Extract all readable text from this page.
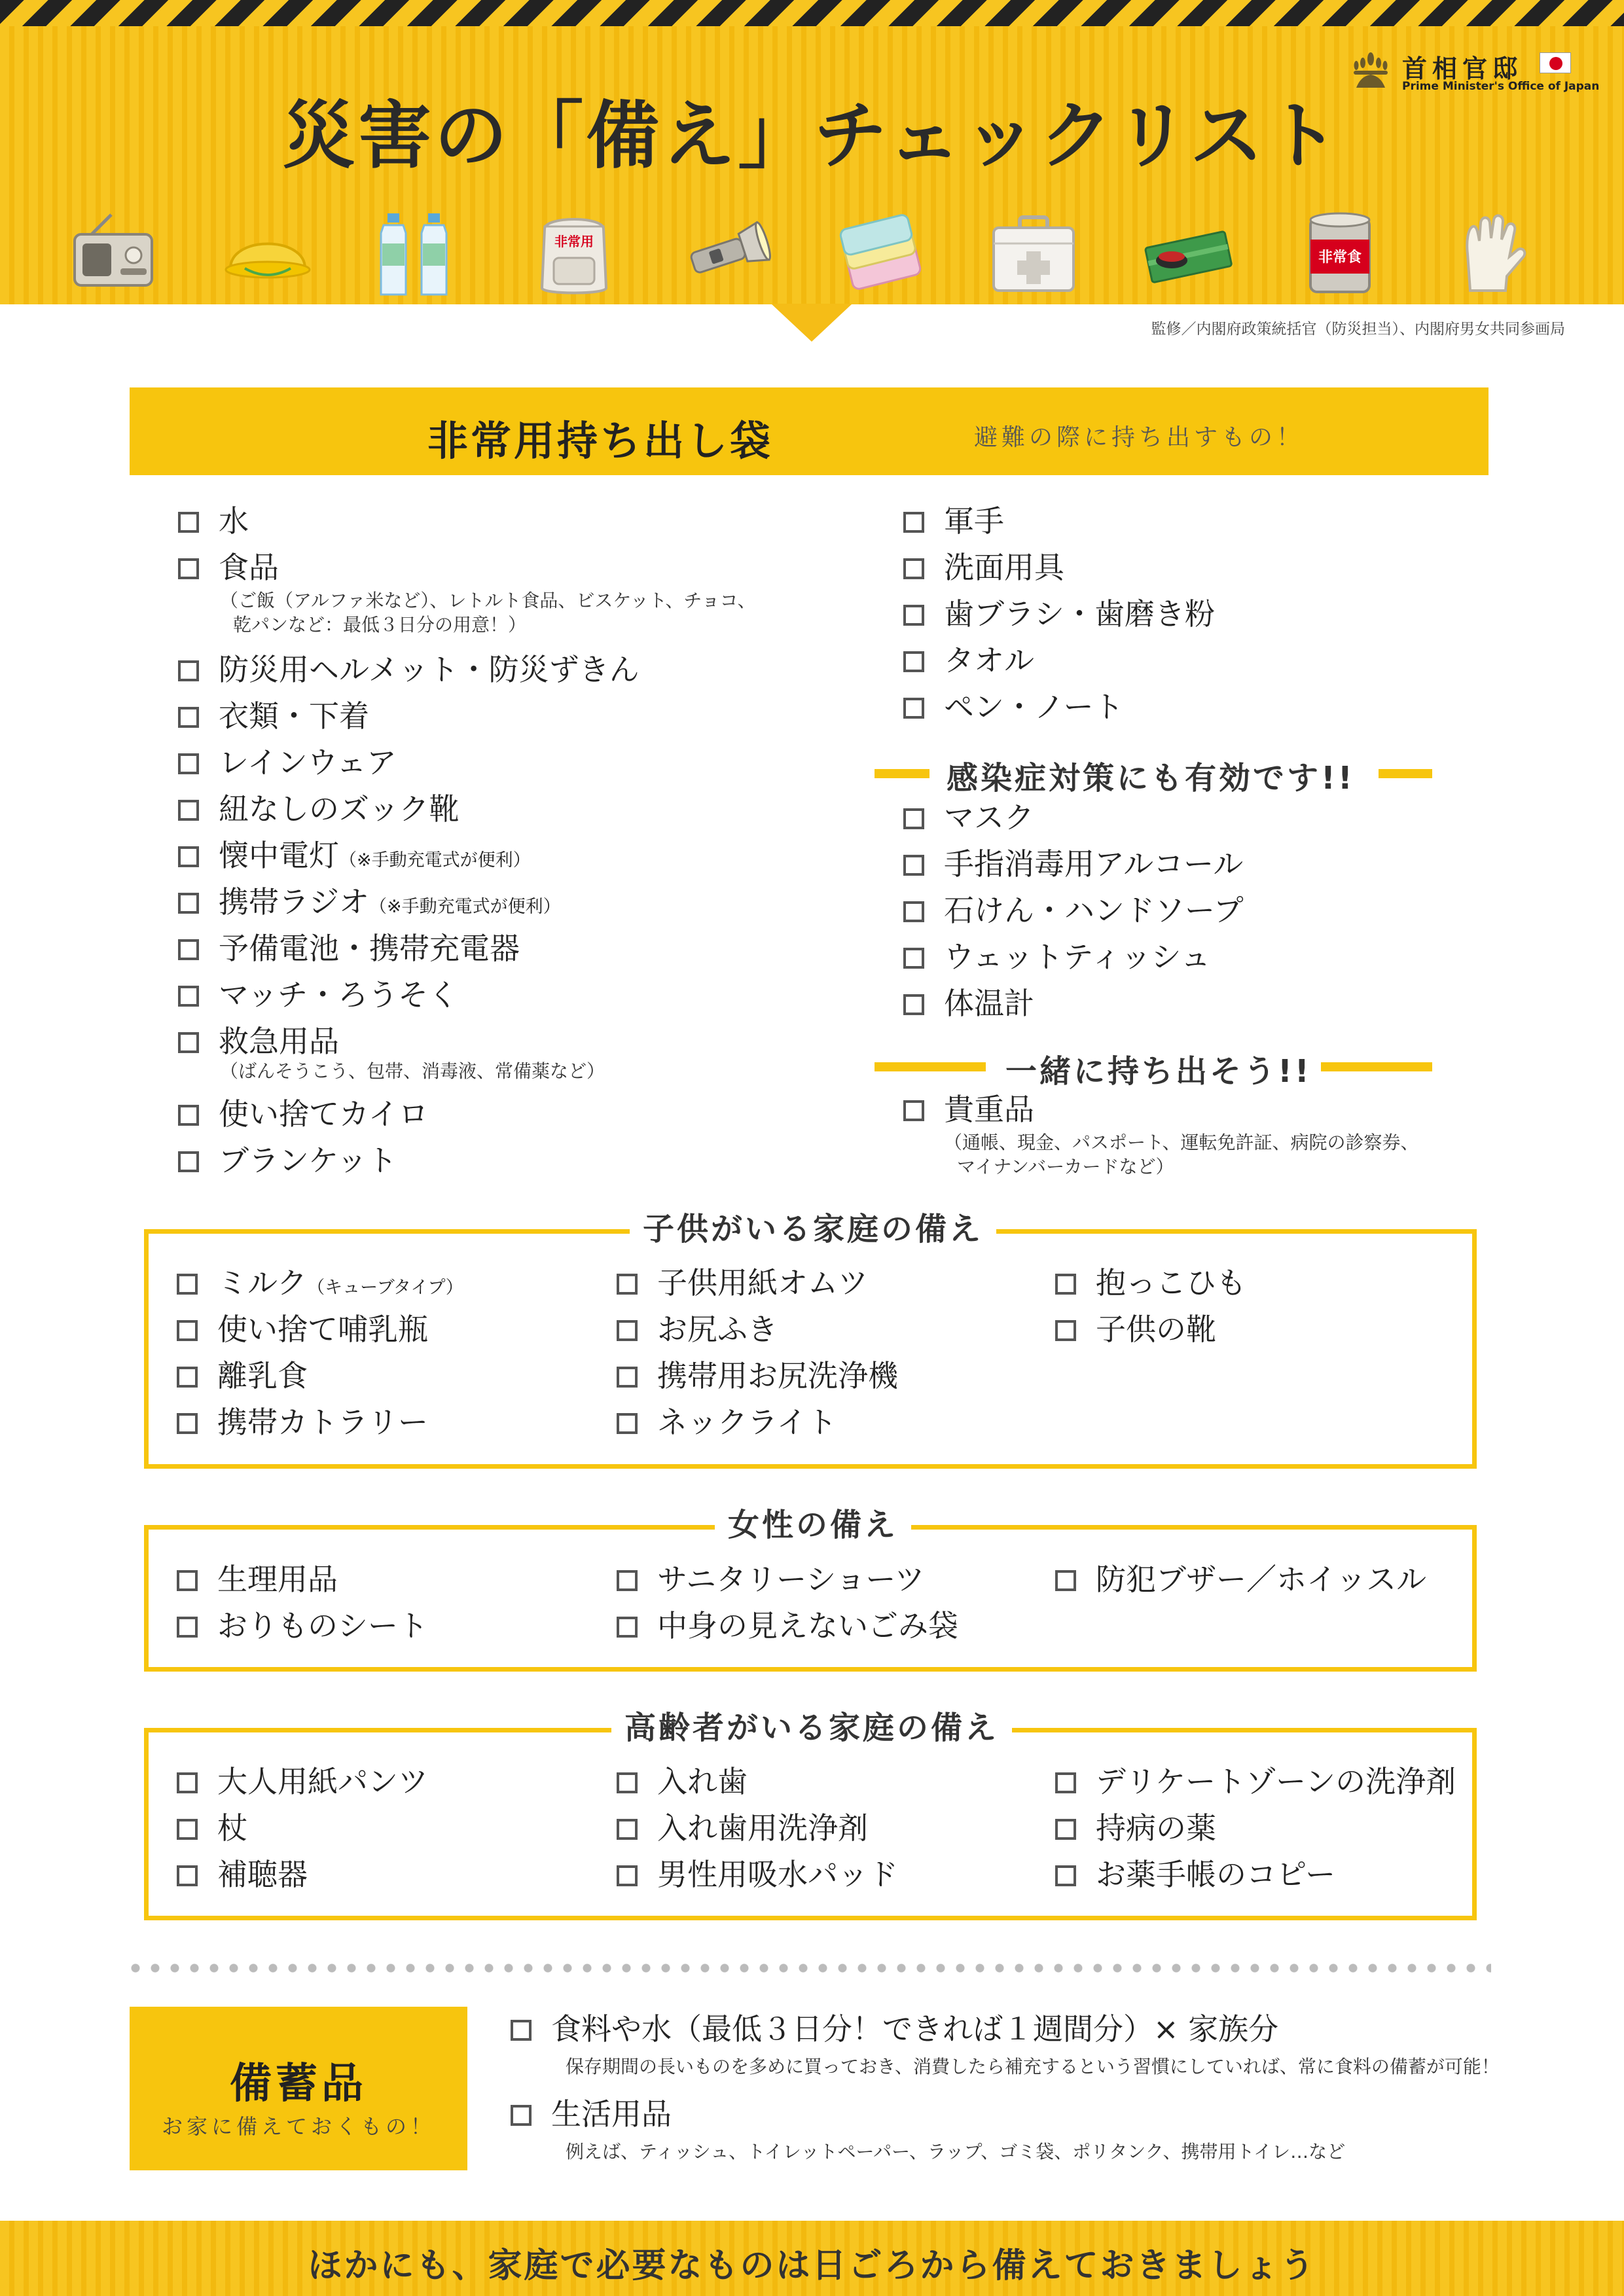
首相官邸
Prime Minister's Office of Japan
災害の「備え」チェックリスト
非常用
非常食
監修／内閣府政策統括官（防災担当）、内閣府男女共同参画局
非常用持ち出し袋	避難の際に持ち出すもの！
水
食品
（ご飯（アルファ米など）、レトルト食品、ビスケット、チョコ、
乾パンなど：最低３日分の用意！）
防災用ヘルメット・防災ずきん
衣類・下着
レインウェア
紐なしのズック靴
懐中電灯（※手動充電式が便利）
携帯ラジオ（※手動充電式が便利）
予備電池・携帯充電器
マッチ・ろうそく
救急用品
（ばんそうこう、包帯、消毒液、常備薬など）
使い捨てカイロ
ブランケット
軍手
洗面用具
歯ブラシ・歯磨き粉
タオル
ペン・ノート
感染症対策にも有効です!!
マスク
手指消毒用アルコール
石けん・ハンドソープ
ウェットティッシュ
体温計
一緒に持ち出そう!!
貴重品
（通帳、現金、パスポート、運転免許証、病院の診察券、
マイナンバーカードなど）
子供がいる家庭の備え
ミルク（キューブタイプ）
使い捨て哺乳瓶
離乳食
携帯カトラリー
子供用紙オムツ
お尻ふき
携帯用お尻洗浄機
ネックライト
抱っこひも
子供の靴
女性の備え
生理用品
おりものシート
サニタリーショーツ
中身の見えないごみ袋
防犯ブザー／ホイッスル
高齢者がいる家庭の備え
大人用紙パンツ
杖
補聴器
入れ歯
入れ歯用洗浄剤
男性用吸水パッド
デリケートゾーンの洗浄剤
持病の薬
お薬手帳のコピー
備蓄品
お家に備えておくもの！
食料や水（最低３日分！できれば１週間分）× 家族分
保存期間の長いものを多めに買っておき、消費したら補充するという習慣にしていれば、常に食料の備蓄が可能！
生活用品
例えば、ティッシュ、トイレットペーパー、ラップ、ゴミ袋、ポリタンク、携帯用トイレ…など
ほかにも、家庭で必要なものは日ごろから備えておきましょう
